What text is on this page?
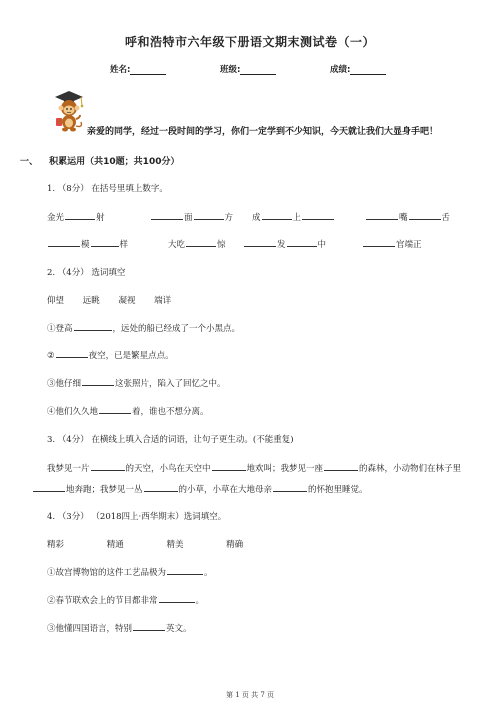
呼和浩特市六年级下册语文期末测试卷（一）
姓名:	班级:	成绩:
亲爱的同学，经过一段时间的学习，你们一定学到不少知识，今天就让我们大显身手吧！
一、 积累运用（共10题；共100分）
1. （8分） 在括号里填上数字。
金光	射	面	方 成	上	嘴	舌
模	样	大吃	惊	发	中	官端正
2. （4分） 选词填空
仰望 远眺 凝视 端详
①登高	，远处的船已经成了一个小黑点。
②	夜空，已是繁星点点。
③他仔细	这张照片，陷入了回忆之中。
④他们久久地	着，谁也不想分离。
3. （4分） 在横线上填入合适的词语，让句子更生动。(不能重复)
我梦见一片	的天空，小鸟在天空中	地欢叫；我梦见一座	的森林，小动物们在林子里
地奔跑；我梦见一丛	的小草，小草在大地母亲	的怀抱里睡觉。
4. （3分） （2018四上·西华期末）选词填空。
精彩	精通	精美	精确
①故宫博物馆的这件工艺品极为	。
②春节联欢会上的节目都非常	。
③他懂四国语言，特别	英文。
第 1 页 共 7 页
